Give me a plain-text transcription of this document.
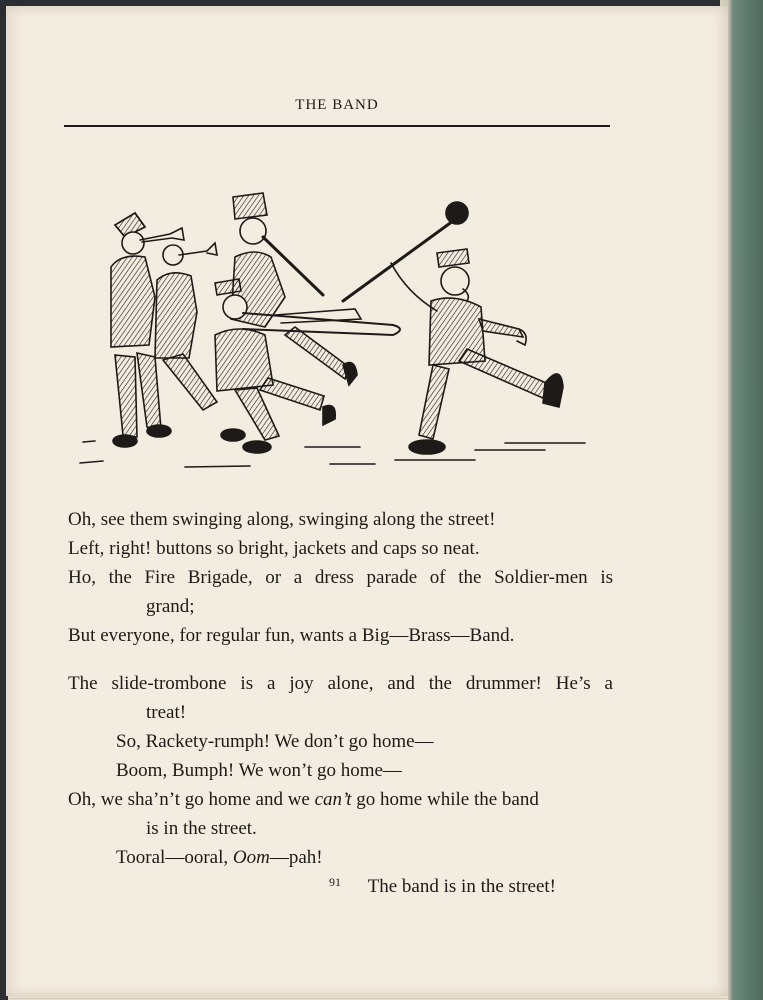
THE BAND
Oh, see them swinging along, swinging along the street!
Left, right! buttons so bright, jackets and caps so neat.
Ho, the Fire Brigade, or a dress parade of the Soldier-men is
grand;
But everyone, for regular fun, wants a Big—Brass—Band.
The slide-trombone is a joy alone, and the drummer! He’s a
treat!
So, Rackety-rumph! We don’t go home—
Boom, Bumph! We won’t go home—
Oh, we sha’n’t go home and we can’t go home while the band
is in the street.
Tooral—ooral, Oom—pah!
The band is in the street!
91
